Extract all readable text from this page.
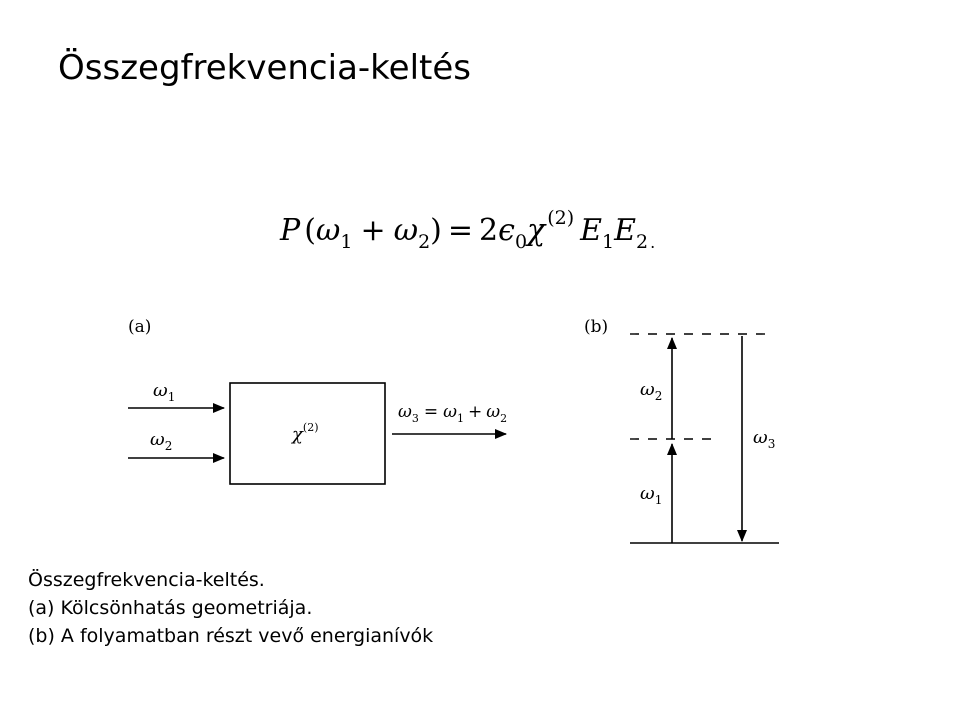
Összegfrekvencia-keltés
P $(\omega_1 + \omega_2) = 2\epsilon_0\chi$ $^{(2)}$ $E_1E_2$ .
(a)
$\omega_1$
$\omega_2$
$\chi^{(2)}$
$\omega_3 = \omega_1 + \omega_2$
(b)
$\omega_1$
$\omega_2$
$\omega_3$
Összegfrekvencia-keltés.
(a) Kölcsönhatás geometriája.
(b) A folyamatban részt vevő energianívók
